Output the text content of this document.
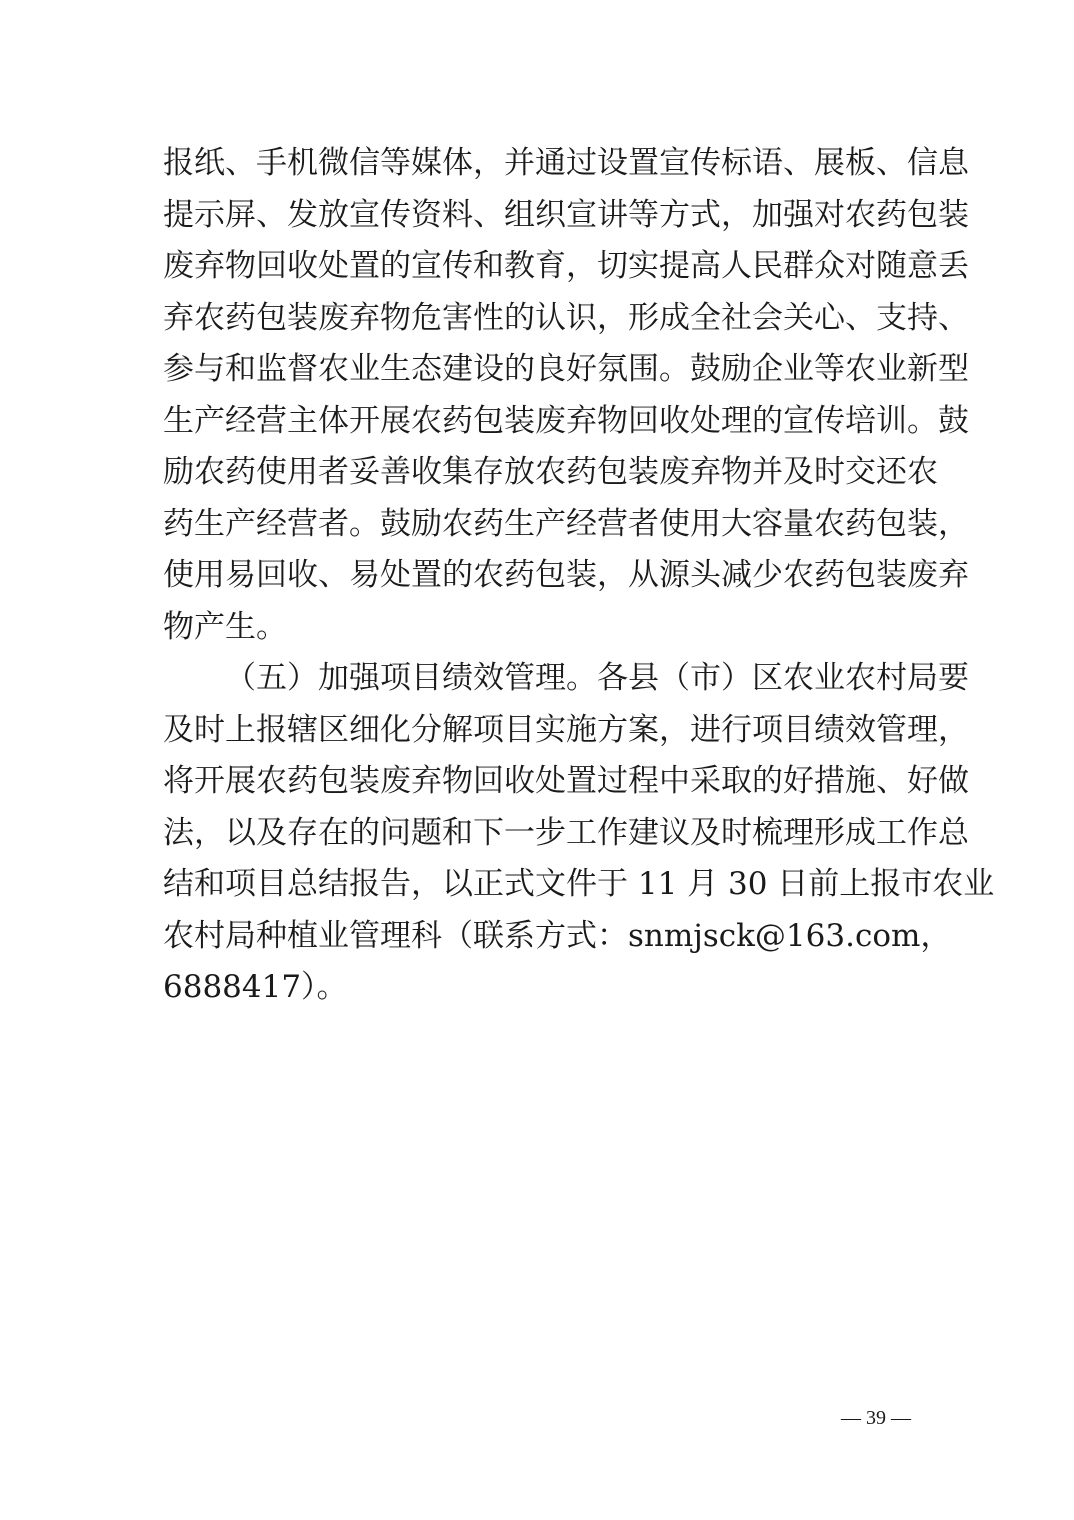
报纸、手机微信等媒体，并通过设置宣传标语、展板、信息
提示屏、发放宣传资料、组织宣讲等方式，加强对农药包装
废弃物回收处置的宣传和教育，切实提高人民群众对随意丢
弃农药包装废弃物危害性的认识，形成全社会关心、支持、
参与和监督农业生态建设的良好氛围。鼓励企业等农业新型
生产经营主体开展农药包装废弃物回收处理的宣传培训。鼓
励农药使用者妥善收集存放农药包装废弃物并及时交还农
药生产经营者。鼓励农药生产经营者使用大容量农药包装，
使用易回收、易处置的农药包装，从源头减少农药包装废弃
物产生。
（五）加强项目绩效管理。各县（市）区农业农村局要
及时上报辖区细化分解项目实施方案，进行项目绩效管理，
将开展农药包装废弃物回收处置过程中采取的好措施、好做
法，以及存在的问题和下一步工作建议及时梳理形成工作总
结和项目总结报告，以正式文件于 11 月 30 日前上报市农业
农村局种植业管理科（联系方式：snmjsck@163.com，
6888417）。
— 39 —
